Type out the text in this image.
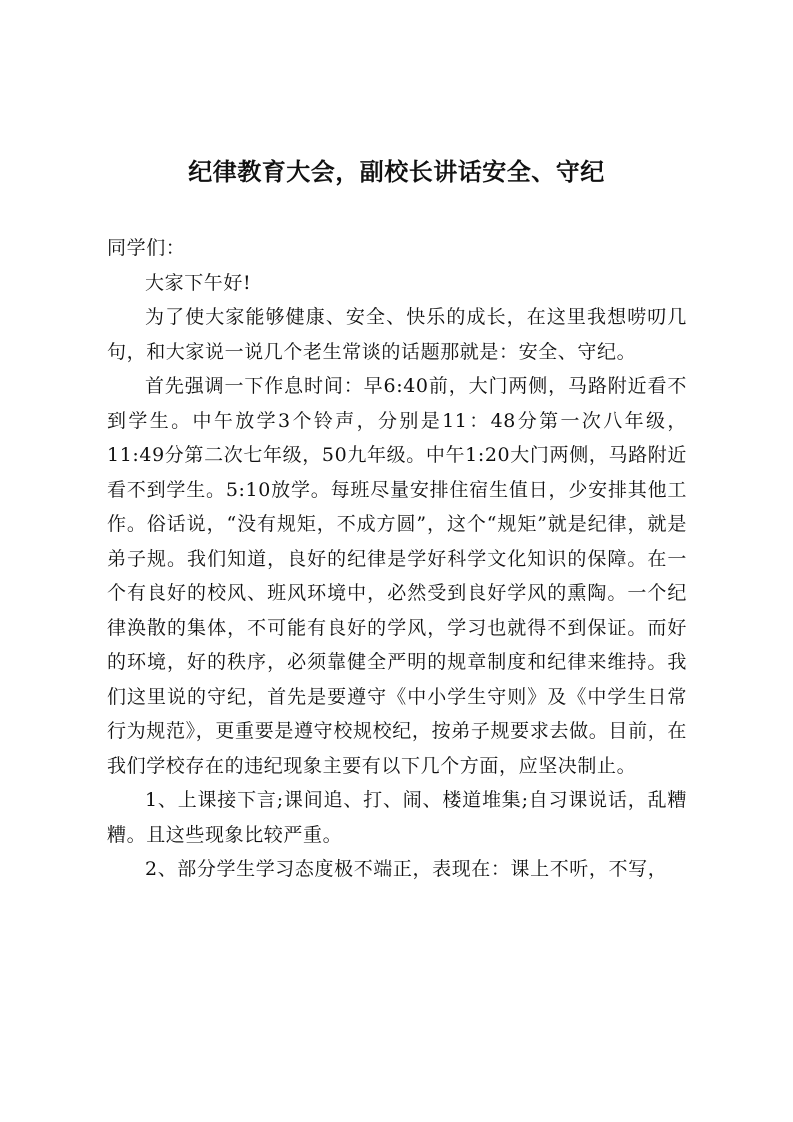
纪律教育大会，副校长讲话安全、守纪

同学们：

大家下午好!

为了使大家能够健康、安全、快乐的成长，在这里我想唠叨几句，和大家说一说几个老生常谈的话题那就是：安全、守纪。

首先强调一下作息时间：早6:40前，大门两侧，马路附近看不到学生。中午放学3个铃声，分别是11：48分第一次八年级，11:49分第二次七年级，50九年级。中午1:20大门两侧，马路附近看不到学生。5:10放学。每班尽量安排住宿生值日，少安排其他工作。俗话说，“没有规矩，不成方圆”，这个“规矩”就是纪律，就是弟子规。我们知道，良好的纪律是学好科学文化知识的保障。在一个有良好的校风、班风环境中，必然受到良好学风的熏陶。一个纪律涣散的集体，不可能有良好的学风，学习也就得不到保证。而好的环境，好的秩序，必须靠健全严明的规章制度和纪律来维持。我们这里说的守纪，首先是要遵守《中小学生守则》及《中学生日常行为规范》，更重要是遵守校规校纪，按弟子规要求去做。目前，在我们学校存在的违纪现象主要有以下几个方面，应坚决制止。

1、上课接下言;课间追、打、闹、楼道堆集;自习课说话，乱糟糟。且这些现象比较严重。

2、部分学生学习态度极不端正，表现在：课上不听，不写，
